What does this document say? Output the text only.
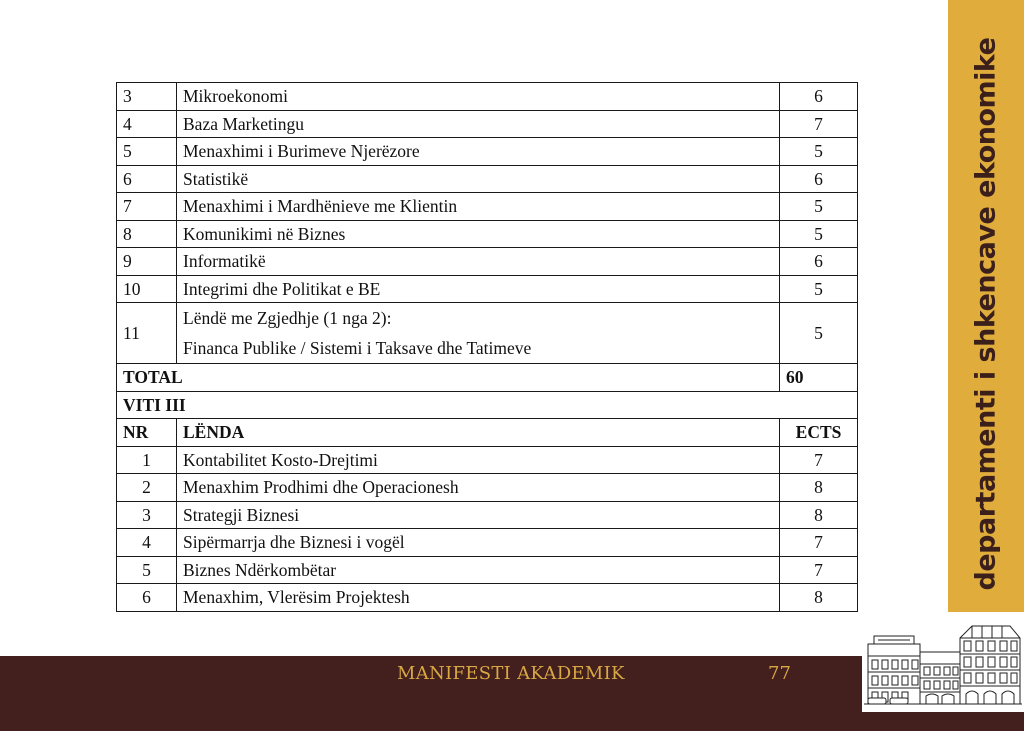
departamenti i shkencave ekonomike
3	Mikroekonomi	6
4	Baza Marketingu	7
5	Menaxhimi i Burimeve Njerëzore	5
6	Statistikë	6
7	Menaxhimi i Mardhënieve me Klientin	5
8	Komunikimi në Biznes	5
9	Informatikë	6
10	Integrimi dhe Politikat e BE	5
11	Lëndë me Zgjedhje (1 nga 2):
Financa Publike / Sistemi i Taksave dhe Tatimeve	5
TOTAL		60
VITI III		
NR	LËNDA	ECTS
1	Kontabilitet Kosto-Drejtimi	7
2	Menaxhim Prodhimi dhe Operacionesh	8
3	Strategji Biznesi	8
4	Sipërmarrja dhe Biznesi i vogël	7
5	Biznes Ndërkombëtar	7
6	Menaxhim, Vlerësim Projektesh	8
MANIFESTI AKADEMIK	77
